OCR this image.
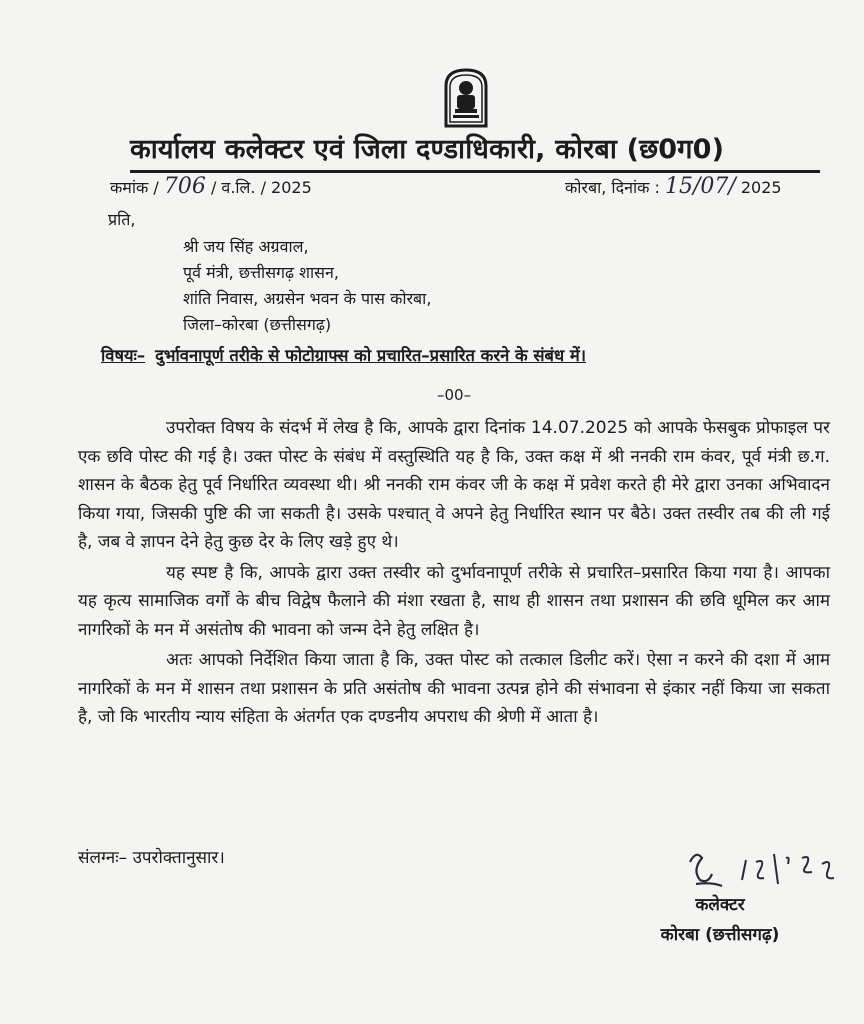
कार्यालय कलेक्टर एवं जिला दण्डाधिकारी, कोरबा (छ0ग0)
कमांक / 706 / व.लि. / 2025	कोरबा, दिनांक : 15/07/ 2025
प्रति,
श्री जय सिंह अग्रवाल,
पूर्व मंत्री, छत्तीसगढ़ शासन,
शांति निवास, अग्रसेन भवन के पास कोरबा,
जिला–कोरबा (छत्तीसगढ़)
विषयः– दुर्भावनापूर्ण तरीके से फोटोग्राफ्स को प्रचारित–प्रसारित करने के संबंध में।
–00–

उपरोक्त विषय के संदर्भ में लेख है कि, आपके द्वारा दिनांक 14.07.2025 को आपके फेसबुक प्रोफाइल पर एक छवि पोस्ट की गई है। उक्त पोस्ट के संबंध में वस्तुस्थिति यह है कि, उक्त कक्ष में श्री ननकी राम कंवर, पूर्व मंत्री छ.ग. शासन के बैठक हेतु पूर्व निर्धारित व्यवस्था थी। श्री ननकी राम कंवर जी के कक्ष में प्रवेश करते ही मेरे द्वारा उनका अभिवादन किया गया, जिसकी पुष्टि की जा सकती है। उसके पश्चात् वे अपने हेतु निर्धारित स्थान पर बैठे। उक्त तस्वीर तब की ली गई है, जब वे ज्ञापन देने हेतु कुछ देर के लिए खड़े हुए थे।

यह स्पष्ट है कि, आपके द्वारा उक्त तस्वीर को दुर्भावनापूर्ण तरीके से प्रचारित–प्रसारित किया गया है। आपका यह कृत्य सामाजिक वर्गों के बीच विद्वेष फैलाने की मंशा रखता है, साथ ही शासन तथा प्रशासन की छवि धूमिल कर आम नागरिकों के मन में असंतोष की भावना को जन्म देने हेतु लक्षित है।

अतः आपको निर्देशित किया जाता है कि, उक्त पोस्ट को तत्काल डिलीट करें। ऐसा न करने की दशा में आम नागरिकों के मन में शासन तथा प्रशासन के प्रति असंतोष की भावना उत्पन्न होने की संभावना से इंकार नहीं किया जा सकता है, जो कि भारतीय न्याय संहिता के अंतर्गत एक दण्डनीय अपराध की श्रेणी में आता है।

संलग्नः– उपरोक्तानुसार।
कलेक्टर
कोरबा (छत्तीसगढ़)
